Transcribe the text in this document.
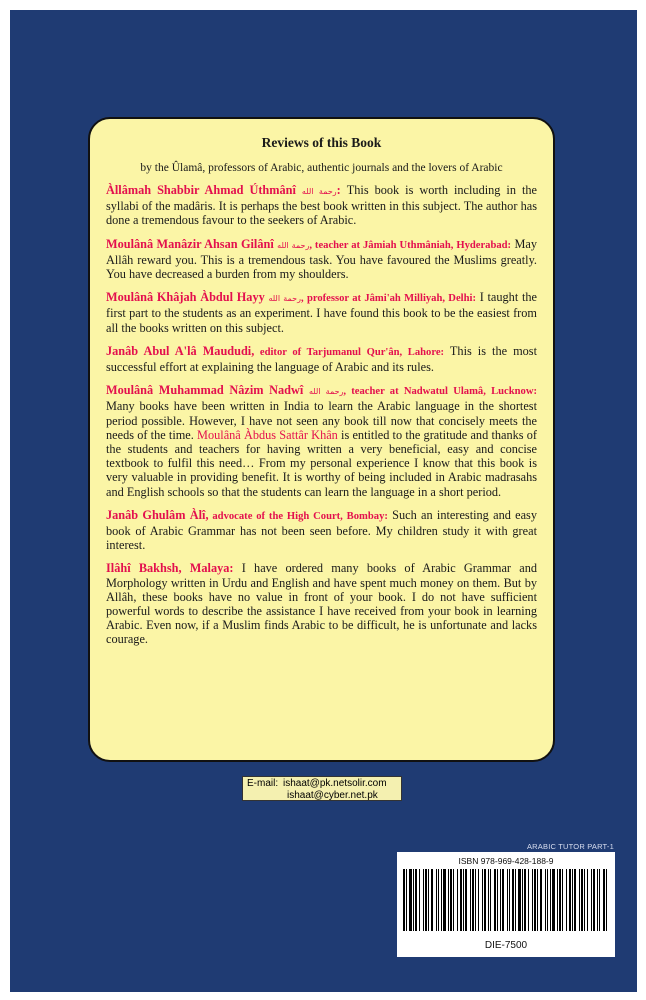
Reviews of this Book
by the Ûlamâ, professors of Arabic, authentic journals and the lovers of Arabic
Àllâmah Shabbir Ahmad Úthmânî رحمة الله: This book is worth including in the syllabi of the madâris. It is perhaps the best book written in this subject. The author has done a tremendous favour to the seekers of Arabic.
Moulânâ Manâzir Ahsan Gilânî رحمة الله, teacher at Jâmiah Uthmâniah, Hyderabad: May Allâh reward you. This is a tremendous task. You have favoured the Muslims greatly. You have decreased a burden from my shoulders.
Moulânâ Khâjah Àbdul Hayy رحمة الله, professor at Jâmi'ah Milliyah, Delhi: I taught the first part to the students as an experiment. I have found this book to be the easiest from all the books written on this subject.
Janâb Abul A'lâ Maududi, editor of Tarjumanul Qur'ân, Lahore: This is the most successful effort at explaining the language of Arabic and its rules.
Moulânâ Muhammad Nâzim Nadwî رحمة الله, teacher at Nadwatul Ulamâ, Lucknow: Many books have been written in India to learn the Arabic language in the shortest period possible. However, I have not seen any book till now that concisely meets the needs of the time. Moulânâ Àbdus Sattâr Khân is entitled to the gratitude and thanks of the students and teachers for having written a very beneficial, easy and concise textbook to fulfil this need… From my personal experience I know that this book is very valuable in providing benefit. It is worthy of being included in Arabic madrasahs and English schools so that the students can learn the language in a short period.
Janâb Ghulâm Àlî, advocate of the High Court, Bombay: Such an interesting and easy book of Arabic Grammar has not been seen before. My children study it with great interest.
Ilâhî Bakhsh, Malaya: I have ordered many books of Arabic Grammar and Morphology written in Urdu and English and have spent much money on them. But by Allâh, these books have no value in front of your book. I do not have sufficient powerful words to describe the assistance I have received from your book in learning Arabic. Even now, if a Muslim finds Arabic to be difficult, he is unfortunate and lacks courage.
E-mail: ishaat@pk.netsolir.com
ishaat@cyber.net.pk
ARABIC TUTOR PART-1
ISBN 978-969-428-188-9
DIE-7500
